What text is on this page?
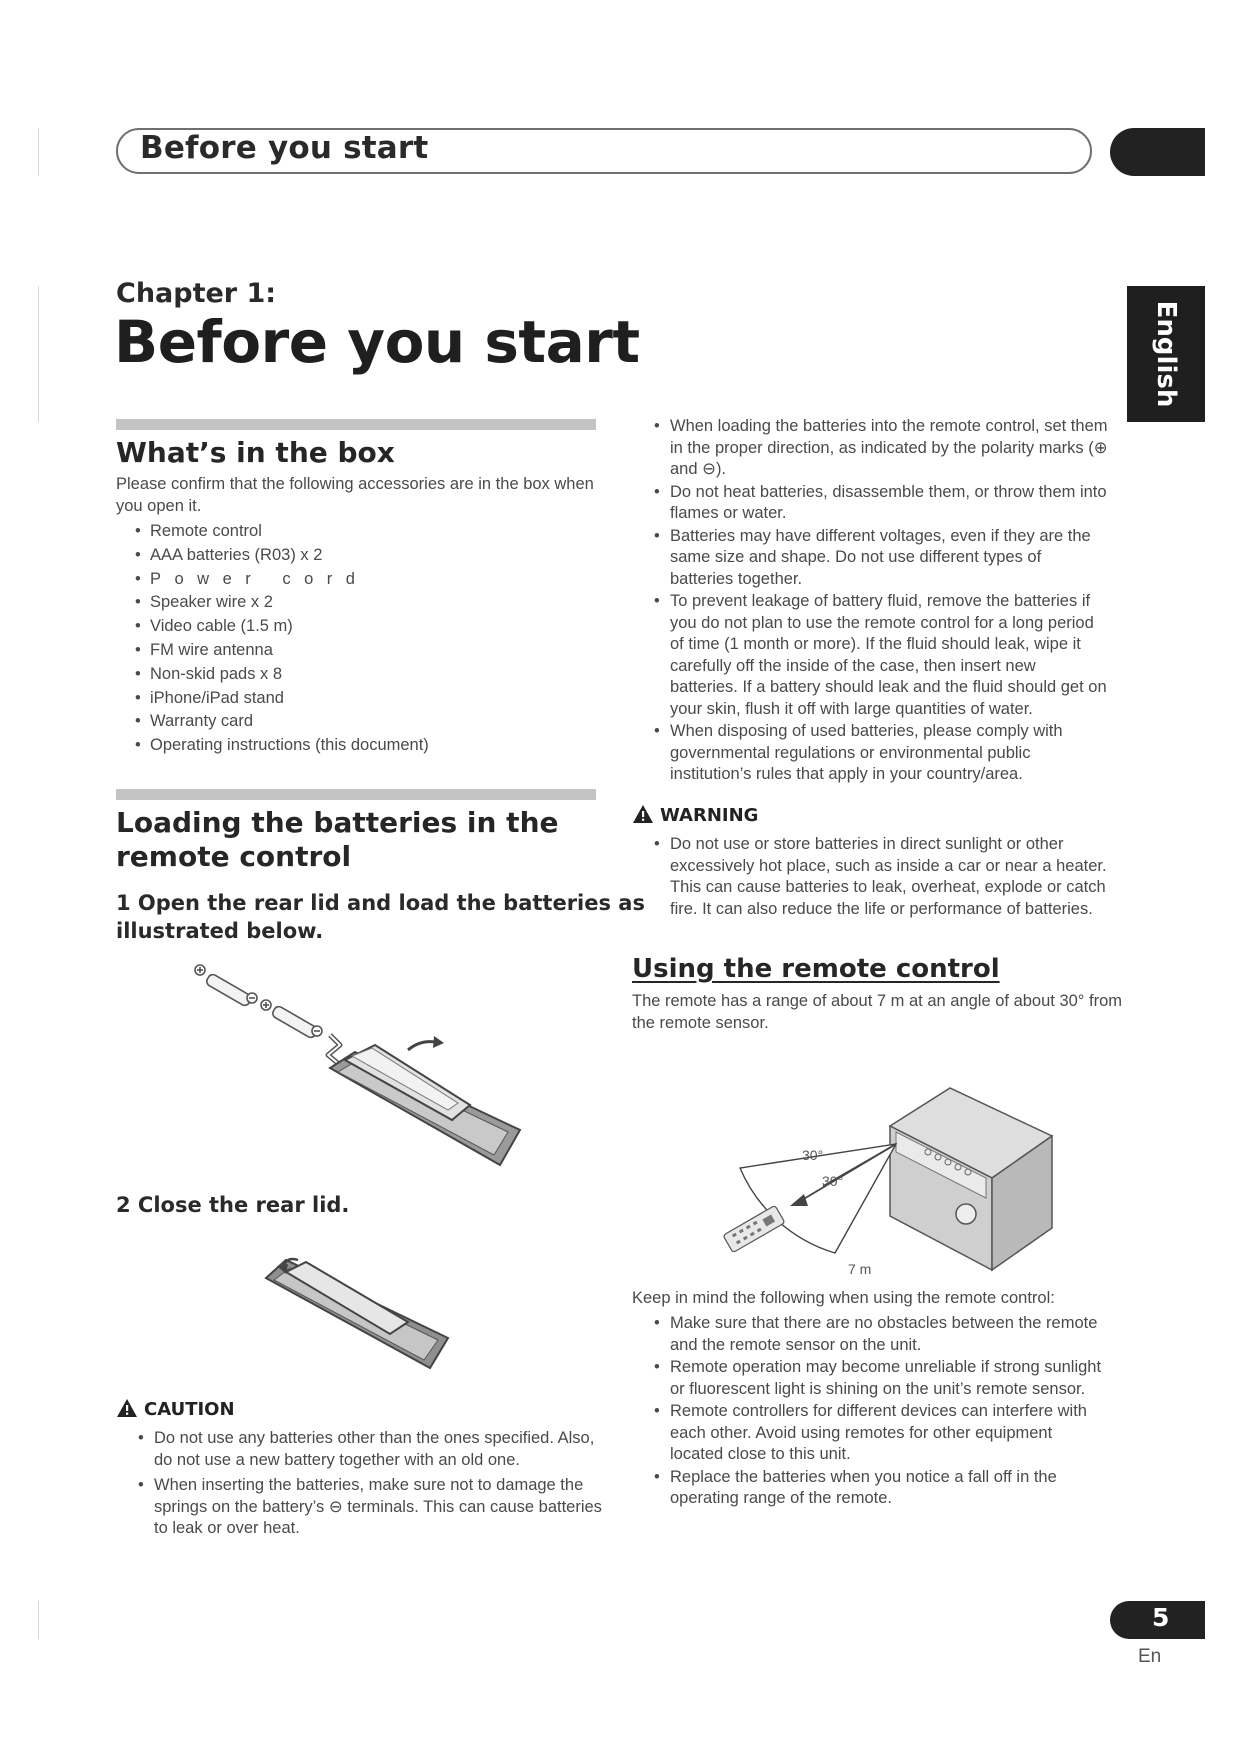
Before you start
English
Chapter 1:
Before you start
What’s in the box
Please confirm that the following accessories are in the box when you open it.
• Remote control
• AAA batteries (R03) x 2
• Power cord
• Speaker wire x 2
• Video cable (1.5 m)
• FM wire antenna
• Non-skid pads x 8
• iPhone/iPad stand
• Warranty card
• Operating instructions (this document)
Loading the batteries in the
remote control
1 Open the rear lid and load the batteries as
illustrated below.
2 Close the rear lid.
CAUTION
• Do not use any batteries other than the ones specified. Also, do not use a new battery together with an old one.
• When inserting the batteries, make sure not to damage the springs on the battery’s ⊖ terminals. This can cause batteries to leak or over heat.
• When loading the batteries into the remote control, set them in the proper direction, as indicated by the polarity marks (⊕ and ⊖).
• Do not heat batteries, disassemble them, or throw them into flames or water.
• Batteries may have different voltages, even if they are the same size and shape. Do not use different types of batteries together.
• To prevent leakage of battery fluid, remove the batteries if you do not plan to use the remote control for a long period of time (1 month or more). If the fluid should leak, wipe it carefully off the inside of the case, then insert new batteries. If a battery should leak and the fluid should get on your skin, flush it off with large quantities of water.
• When disposing of used batteries, please comply with governmental regulations or environmental public institution’s rules that apply in your country/area.
WARNING
• Do not use or store batteries in direct sunlight or other excessively hot place, such as inside a car or near a heater. This can cause batteries to leak, overheat, explode or catch fire. It can also reduce the life or performance of batteries.
Using the remote control
The remote has a range of about 7 m at an angle of about 30° from the remote sensor.
30°
30°
7 m
Keep in mind the following when using the remote control:
• Make sure that there are no obstacles between the remote and the remote sensor on the unit.
• Remote operation may become unreliable if strong sunlight or fluorescent light is shining on the unit’s remote sensor.
• Remote controllers for different devices can interfere with each other. Avoid using remotes for other equipment located close to this unit.
• Replace the batteries when you notice a fall off in the operating range of the remote.
5
En
